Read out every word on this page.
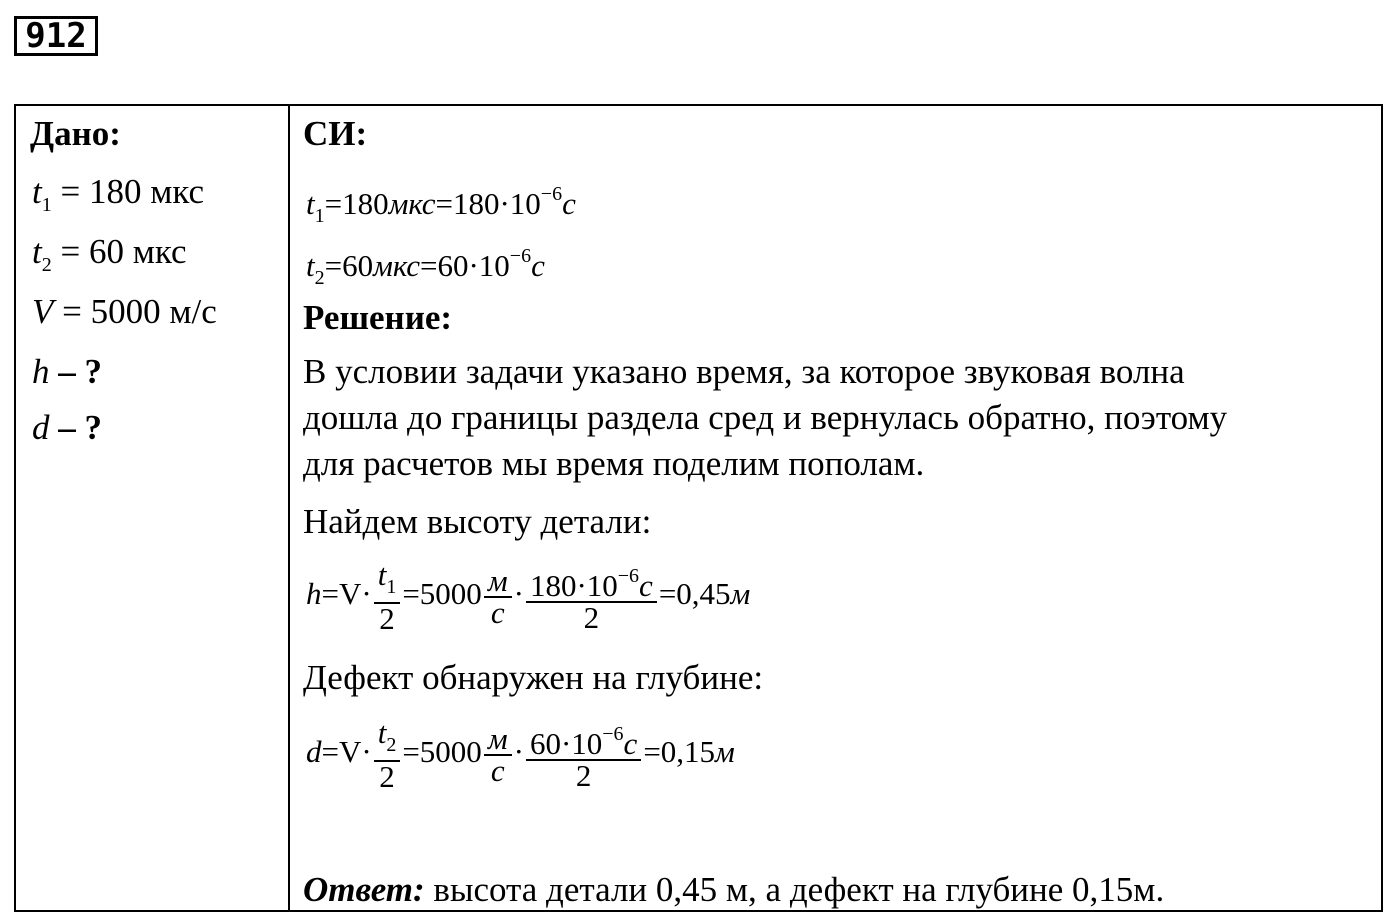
912
Дано:
$t_1 = 180$ мкс
$t_2 = 60$ мкс
V = 5000 м/с
h – ?
d – ?
СИ:
$t_1=180мкс=180\cdot 10^{-6}c$
$t_2=60мкс=60\cdot 10^{-6}c$
Решение:
В условии задачи указано время, за которое звуковая волна
дошла до границы раздела сред и вернулась обратно, поэтому
для расчетов мы время поделим пополам.
Найдем высоту детали:
$h=V\cdot \frac{t_1}{2} =5000 \frac{м}{c} \cdot \frac{180\cdot 10^{-6}c}{2} =0,45м$
Дефект обнаружен на глубине:
$d=V\cdot \frac{t_2}{2} =5000 \frac{м}{c} \cdot \frac{60\cdot 10^{-6}c}{2} =0,15м$
Ответ: высота детали 0,45 м, а дефект на глубине 0,15м.
